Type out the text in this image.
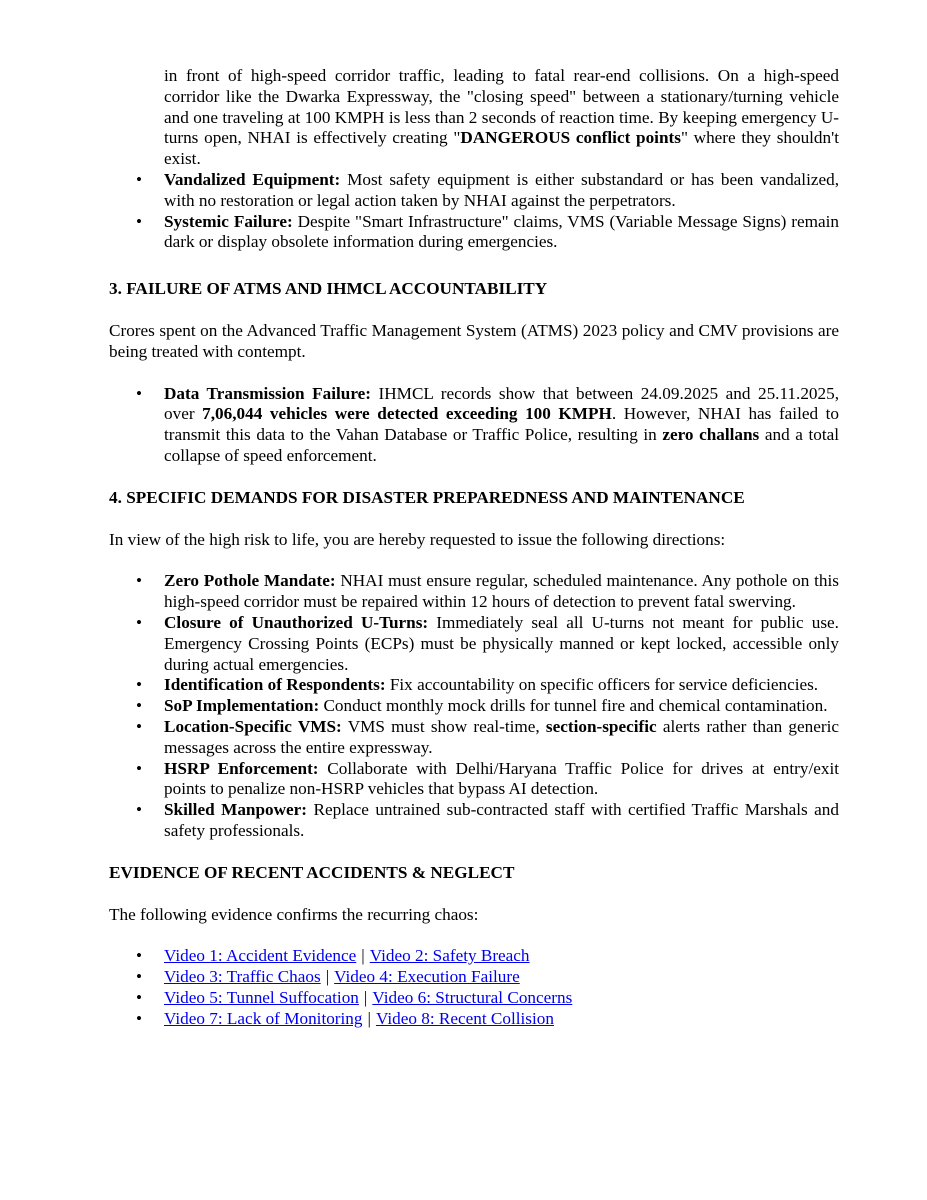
in front of high-speed corridor traffic, leading to fatal rear-end collisions. On a high-speed corridor like the Dwarka Expressway, the "closing speed" between a stationary/turning vehicle and one traveling at 100 KMPH is less than 2 seconds of reaction time. By keeping emergency U-turns open, NHAI is effectively creating "DANGEROUS conflict points" where they shouldn't exist.
• Vandalized Equipment: Most safety equipment is either substandard or has been vandalized, with no restoration or legal action taken by NHAI against the perpetrators.
• Systemic Failure: Despite "Smart Infrastructure" claims, VMS (Variable Message Signs) remain dark or display obsolete information during emergencies.

3. FAILURE OF ATMS AND IHMCL ACCOUNTABILITY

Crores spent on the Advanced Traffic Management System (ATMS) 2023 policy and CMV provisions are being treated with contempt.

• Data Transmission Failure: IHMCL records show that between 24.09.2025 and 25.11.2025, over 7,06,044 vehicles were detected exceeding 100 KMPH. However, NHAI has failed to transmit this data to the Vahan Database or Traffic Police, resulting in zero challans and a total collapse of speed enforcement.

4. SPECIFIC DEMANDS FOR DISASTER PREPAREDNESS AND MAINTENANCE

In view of the high risk to life, you are hereby requested to issue the following directions:

• Zero Pothole Mandate: NHAI must ensure regular, scheduled maintenance. Any pothole on this high-speed corridor must be repaired within 12 hours of detection to prevent fatal swerving.
• Closure of Unauthorized U-Turns: Immediately seal all U-turns not meant for public use. Emergency Crossing Points (ECPs) must be physically manned or kept locked, accessible only during actual emergencies.
• Identification of Respondents: Fix accountability on specific officers for service deficiencies.
• SoP Implementation: Conduct monthly mock drills for tunnel fire and chemical contamination.
• Location-Specific VMS: VMS must show real-time, section-specific alerts rather than generic messages across the entire expressway.
• HSRP Enforcement: Collaborate with Delhi/Haryana Traffic Police for drives at entry/exit points to penalize non-HSRP vehicles that bypass AI detection.
• Skilled Manpower: Replace untrained sub-contracted staff with certified Traffic Marshals and safety professionals.

EVIDENCE OF RECENT ACCIDENTS & NEGLECT

The following evidence confirms the recurring chaos:

• Video 1: Accident Evidence | Video 2: Safety Breach
• Video 3: Traffic Chaos | Video 4: Execution Failure
• Video 5: Tunnel Suffocation | Video 6: Structural Concerns
• Video 7: Lack of Monitoring | Video 8: Recent Collision
